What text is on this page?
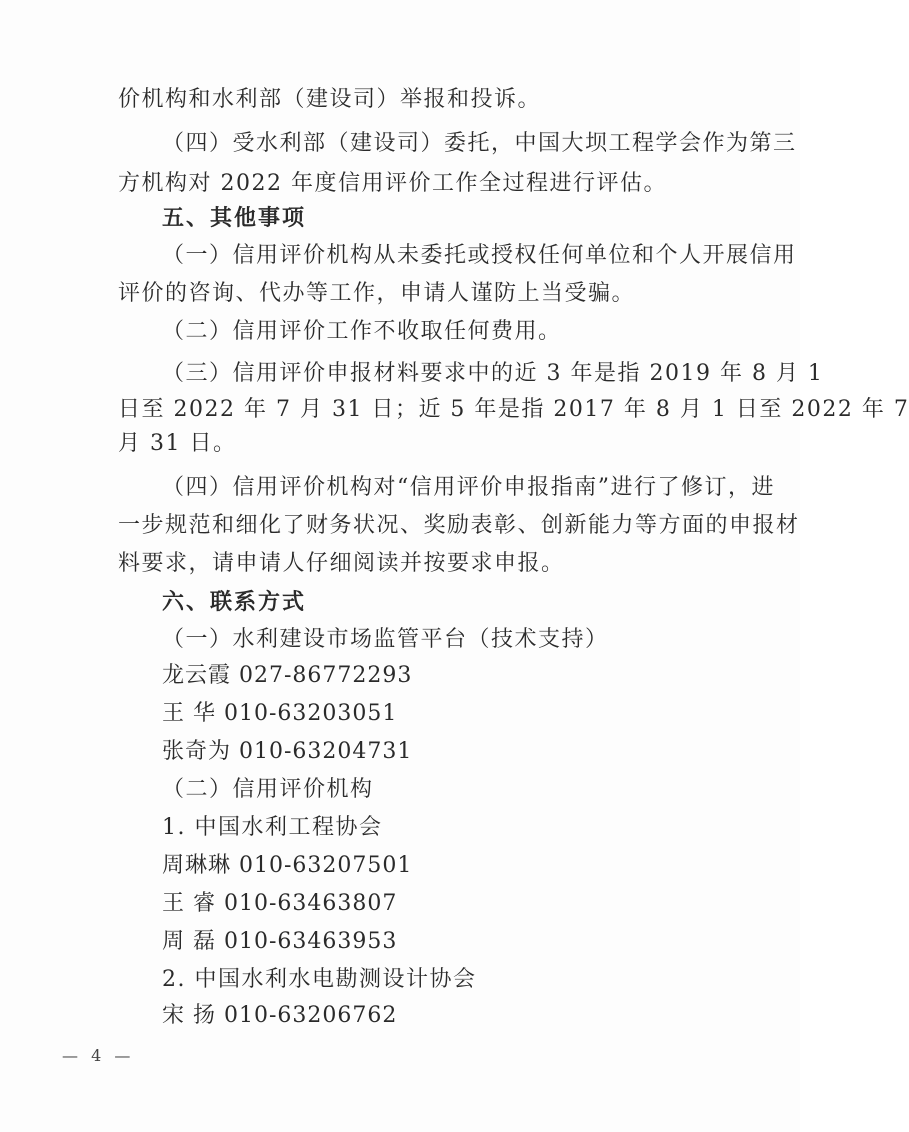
价机构和水利部（建设司）举报和投诉。
（四）受水利部（建设司）委托，中国大坝工程学会作为第三
方机构对 2022 年度信用评价工作全过程进行评估。
五、其他事项
（一）信用评价机构从未委托或授权任何单位和个人开展信用
评价的咨询、代办等工作，申请人谨防上当受骗。
（二）信用评价工作不收取任何费用。
（三）信用评价申报材料要求中的近 3 年是指 2019 年 8 月 1
日至 2022 年 7 月 31 日；近 5 年是指 2017 年 8 月 1 日至 2022 年 7
月 31 日。
（四）信用评价机构对“信用评价申报指南”进行了修订，进
一步规范和细化了财务状况、奖励表彰、创新能力等方面的申报材
料要求，请申请人仔细阅读并按要求申报。
六、联系方式
（一）水利建设市场监管平台（技术支持）
龙云霞 027-86772293
王 华 010-63203051
张奇为 010-63204731
（二）信用评价机构
1. 中国水利工程协会
周琳琳 010-63207501
王 睿 010-63463807
周 磊 010-63463953
2. 中国水利水电勘测设计协会
宋 扬 010-63206762
— 4 —
